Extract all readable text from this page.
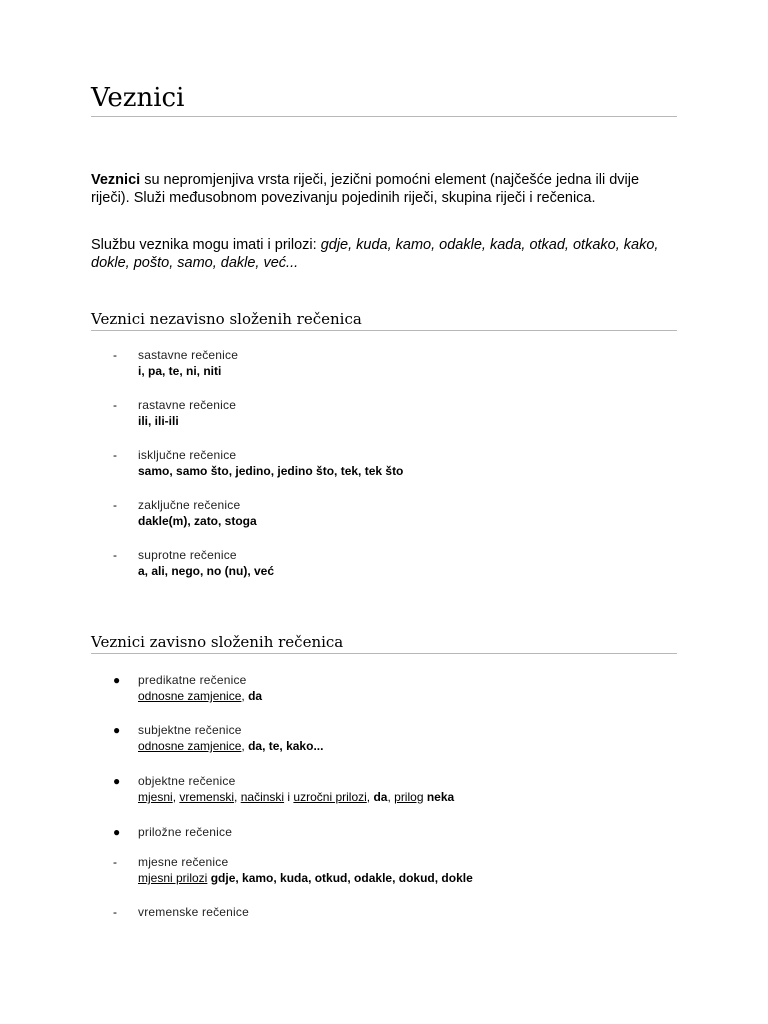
Veznici

Veznici su nepromjenjiva vrsta riječi, jezični pomoćni element (najčešće jedna ili dvije riječi). Služi međusobnom povezivanju pojedinih riječi, skupina riječi i rečenica.

Službu veznika mogu imati i prilozi: gdje, kuda, kamo, odakle, kada, otkad, otkako, kako, dokle, pošto, samo, dakle, već...

Veznici nezavisno složenih rečenica
-	sastavne rečenice
i, pa, te, ni, niti
-	rastavne rečenice
ili, ili-ili
-	isključne rečenice
samo, samo što, jedino, jedino što, tek, tek što
-	zaključne rečenice
dakle(m), zato, stoga
-	suprotne rečenice
a, ali, nego, no (nu), već
Veznici zavisno složenih rečenica
●	predikatne rečenice
odnosne zamjenice, da
●	subjektne rečenice
odnosne zamjenice, da, te, kako...
●	objektne rečenice
mjesni, vremenski, načinski i uzročni prilozi, da, prilog neka
●	priložne rečenice
-	mjesne rečenice
mjesni prilozi gdje, kamo, kuda, otkud, odakle, dokud, dokle
-	vremenske rečenice
